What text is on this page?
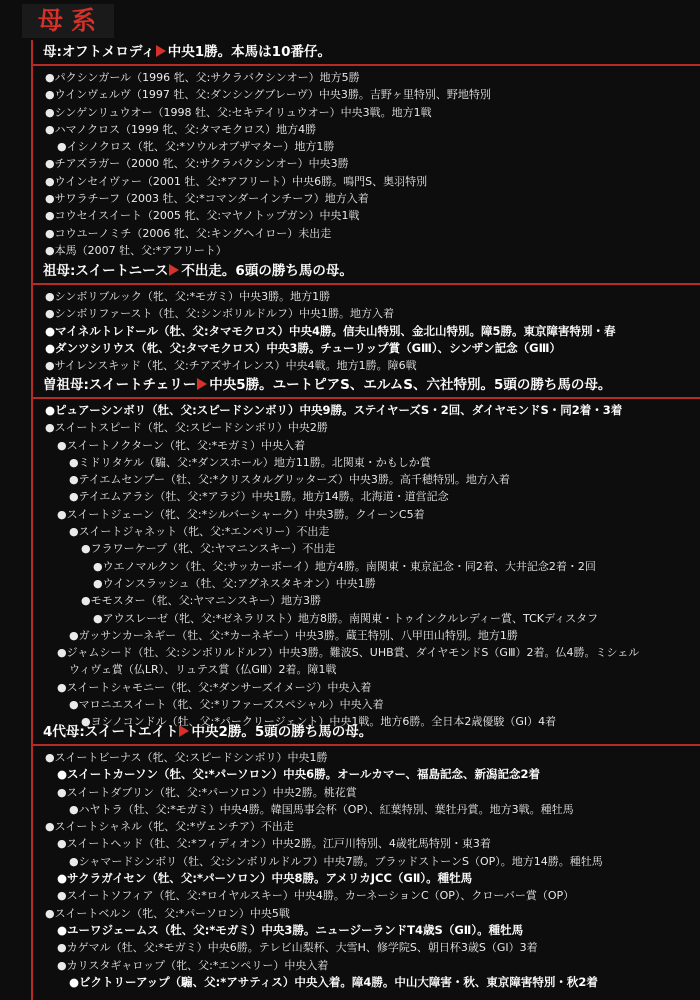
母系
母:オフトメロディ 中央1勝。本馬は10番仔。
●パクシンガール（1996 牝、父:サクラバクシンオー）地方5勝
●ウインヴェルヴ（1997 牡、父:ダンシングブレーヴ）中央3勝。吉野ヶ里特別、野地特別
●シンゲンリュウオー（1998 牡、父:セキテイリュウオー）中央3戦。地方1戦
●ハマノクロス（1999 牝、父:タマモクロス）地方4勝
●イシノクロス（牝、父:*ソウルオブザマター）地方1勝
●チアズラガー（2000 牝、父:サクラバクシンオー）中央3勝
●ウインセイヴァー（2001 牡、父:*アフリート）中央6勝。鳴門S、奥羽特別
●サワラチーフ（2003 牡、父:*コマンダーインチーフ）地方入着
●コウセイスイート（2005 牝、父:マヤノトップガン）中央1戦
●コウユーノミチ（2006 牝、父:キングヘイロー）未出走
●本馬（2007 牡、父:*アフリート）
祖母:スイートニース 不出走。6頭の勝ち馬の母。
●シンボリブルック（牝、父:*モガミ）中央3勝。地方1勝
●シンボリファースト（牡、父:シンボリルドルフ）中央1勝。地方入着
●マイネルトレドール（牡、父:タマモクロス）中央4勝。信夫山特別、金北山特別。障5勝。東京障害特別・春
●ダンツシリウス（牝、父:タマモクロス）中央3勝。チューリップ賞（GⅢ）、シンザン記念（GⅢ）
●サイレンスキッド（牝、父:チアズサイレンス）中央4戦。地方1勝。障6戦
曽祖母:スイートチェリー 中央5勝。ユートピアS、エルムS、六社特別。5頭の勝ち馬の母。
●ピュアーシンボリ（牡、父:スピードシンボリ）中央9勝。ステイヤーズS・2回、ダイヤモンドS・同2着・3着
●スイートスピード（牝、父:スピードシンボリ）中央2勝
●スイートノクターン（牝、父:*モガミ）中央入着
●ミドリタケル（騸、父:*ダンスホール）地方11勝。北関東・かもしか賞
●テイエムセンプー（牡、父:*クリスタルグリッターズ）中央3勝。高千穂特別。地方入着
●テイエムアラシ（牡、父:*アラジ）中央1勝。地方14勝。北海道・道営記念
●スイートジェーン（牝、父:*シルバーシャーク）中央3勝。クイーンC5着
●スイートジャネット（牝、父:*エンペリー）不出走
●フラワーケープ（牝、父:ヤマニンスキー）不出走
●ウエノマルクン（牡、父:サッカーボーイ）地方4勝。南関東・東京記念・同2着、大井記念2着・2回
●ウインスラッシュ（牡、父:アグネスタキオン）中央1勝
●モモスター（牝、父:ヤマニンスキー）地方3勝
●アウスレーゼ（牝、父:*ゼネラリスト）地方8勝。南関東・トゥインクルレディー賞、TCKディスタフ
●ガッサンカーネギー（牡、父:*カーネギー）中央3勝。蔵王特別、八甲田山特別。地方1勝
●ジャムシード（牡、父:シンボリルドルフ）中央3勝。難波S、UHB賞、ダイヤモンドS（GⅢ）2着。仏4勝。ミシェル
ウィヴェ賞（仏LR）、リュテス賞（仏GⅢ）2着。障1戦
●スイートシャモニー（牝、父:*ダンサーズイメージ）中央入着
●マロニエスイート（牝、父:*リファーズスペシャル）中央入着
●ヨシノコンドル（牡、父:*パークリージェント）中央1戦。地方6勝。全日本2歳優駿（GI）4着
4代母:スイートエイト 中央2勝。5頭の勝ち馬の母。
●スイートビーナス（牝、父:スピードシンボリ）中央1勝
●スイートカーソン（牡、父:*パーソロン）中央6勝。オールカマー、福島記念、新潟記念2着
●スイートダブリン（牝、父:*パーソロン）中央2勝。桃花賞
●ハヤトラ（牡、父:*モガミ）中央4勝。韓国馬事会杯（OP）、紅葉特別、葉牡丹賞。地方3戦。種牡馬
●スイートシャネル（牝、父:*ヴェンチア）不出走
●スイートヘッド（牡、父:*フィディオン）中央2勝。江戸川特別、4歳牝馬特別・東3着
●シャマードシンボリ（牡、父:シンボリルドルフ）中央7勝。ブラッドストーンS（OP）。地方14勝。種牡馬
●サクラガイセン（牡、父:*パーソロン）中央8勝。アメリカJCC（GⅡ）。種牡馬
●スイートソフィア（牝、父:*ロイヤルスキー）中央4勝。カーネーションC（OP）、クローバー賞（OP）
●スイートベルン（牝、父:*パーソロン）中央5戦
●ユーワジェームス（牡、父:*モガミ）中央3勝。ニュージーランドT4歳S（GⅡ）。種牡馬
●カゲマル（牡、父:*モガミ）中央6勝。テレビ山梨杯、大雪H、修学院S、朝日杯3歳S（GI）3着
●カリスタギャロップ（牝、父:*エンペリー）中央入着
●ビクトリーアップ（騸、父:*アサティス）中央入着。障4勝。中山大障害・秋、東京障害特別・秋2着
